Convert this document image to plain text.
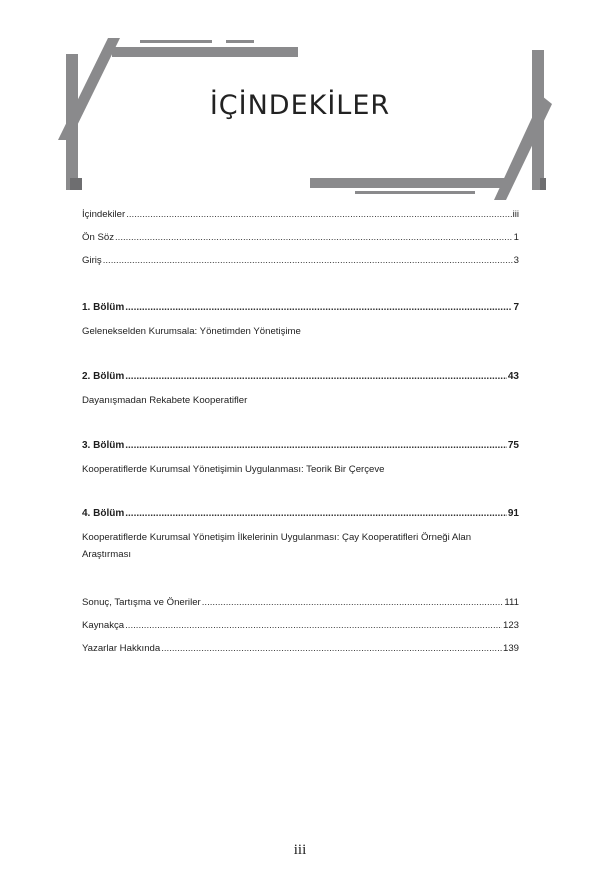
İÇİNDEKİLER
İçindekiler .....	iii
Ön Söz .....	1
Giriş .....	3
1. Bölüm .....	7
Gelenekselden Kurumsala: Yönetimden Yönetişime
2. Bölüm .....	43
Dayanışmadan Rekabete Kooperatifler
3. Bölüm .....	75
Kooperatiflerde Kurumsal Yönetişimin Uygulanması: Teorik Bir Çerçeve
4. Bölüm .....	91
Kooperatiflerde Kurumsal Yönetişim İlkelerinin Uygulanması: Çay Kooperatifleri Örneği Alan Araştırması
Sonuç, Tartışma ve Öneriler .....	111
Kaynakça .....	123
Yazarlar Hakkında .....	139
iii
